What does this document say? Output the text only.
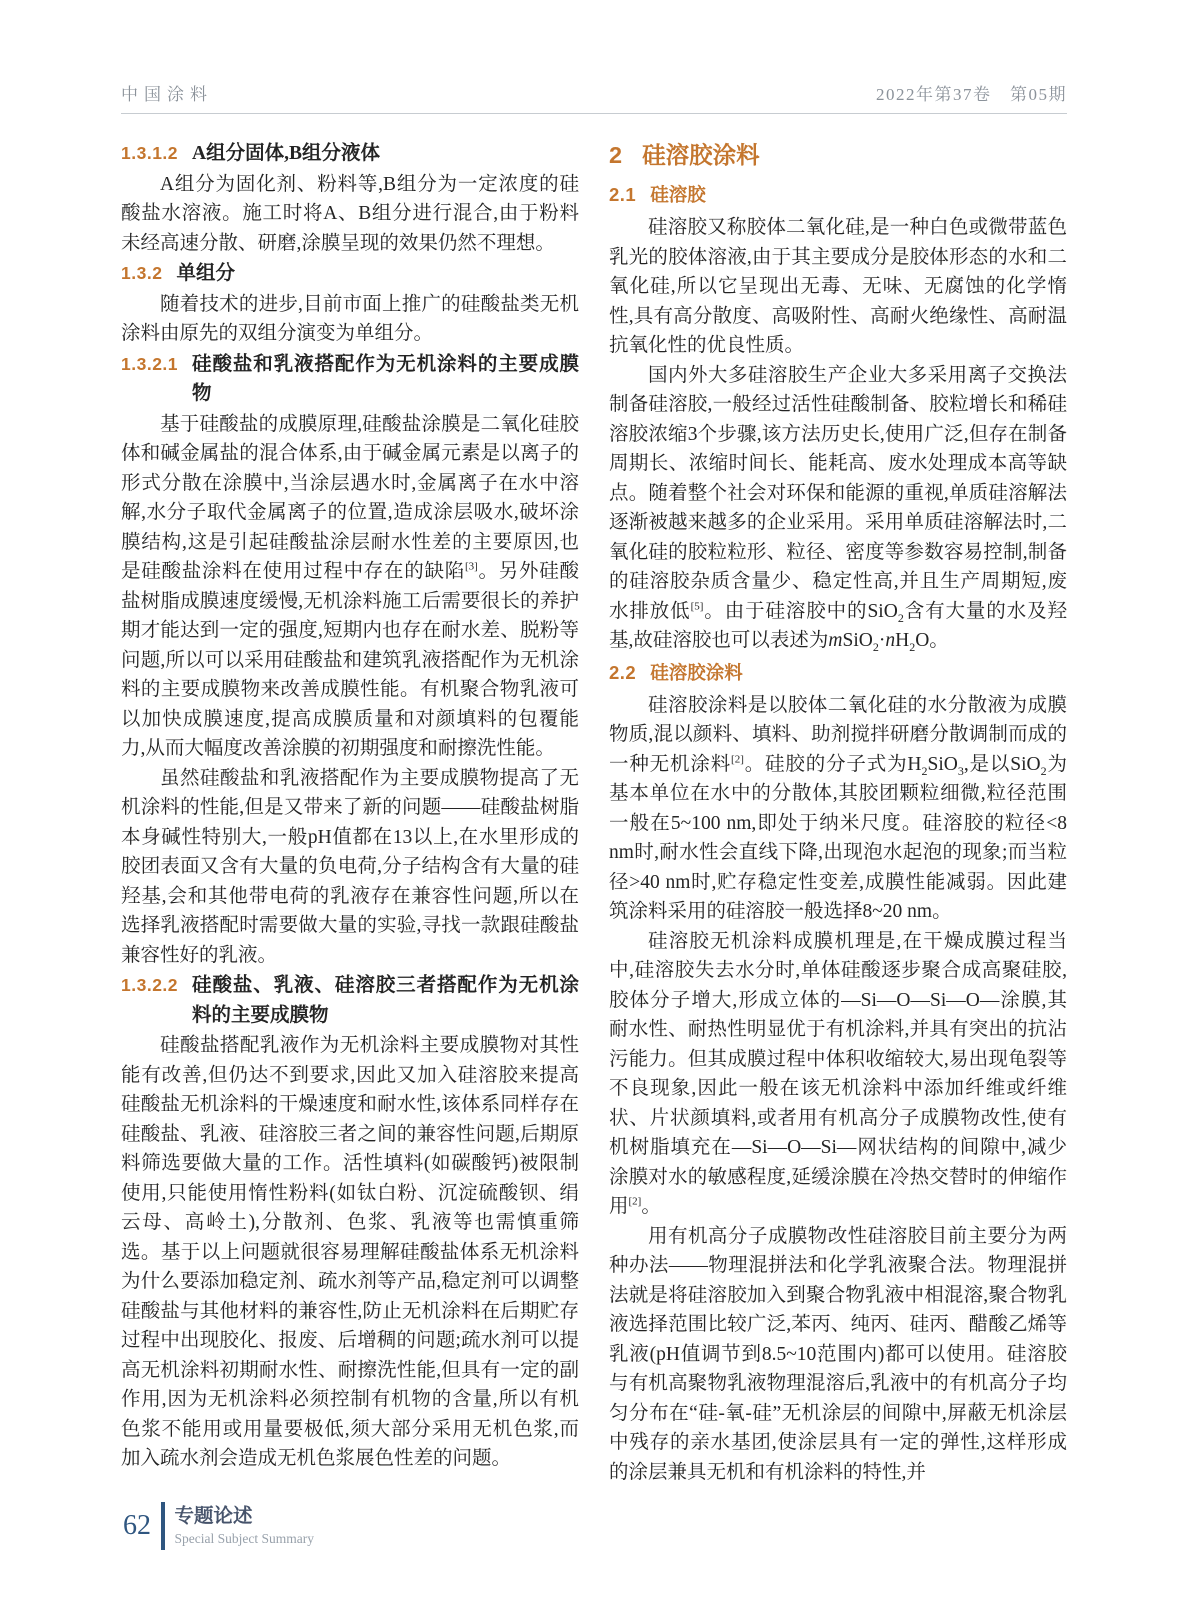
中国涂料	2022年第37卷　第05期
1.3.1.2 A组分固体,B组分液体

A组分为固化剂、粉料等,B组分为一定浓度的硅酸盐水溶液。施工时将A、B组分进行混合,由于粉料未经高速分散、研磨,涂膜呈现的效果仍然不理想。

1.3.2 单组分

随着技术的进步,目前市面上推广的硅酸盐类无机涂料由原先的双组分演变为单组分。

1.3.2.1 硅酸盐和乳液搭配作为无机涂料的主要成膜物

基于硅酸盐的成膜原理,硅酸盐涂膜是二氧化硅胶体和碱金属盐的混合体系,由于碱金属元素是以离子的形式分散在涂膜中,当涂层遇水时,金属离子在水中溶解,水分子取代金属离子的位置,造成涂层吸水,破坏涂膜结构,这是引起硅酸盐涂层耐水性差的主要原因,也是硅酸盐涂料在使用过程中存在的缺陷[3]。另外硅酸盐树脂成膜速度缓慢,无机涂料施工后需要很长的养护期才能达到一定的强度,短期内也存在耐水差、脱粉等问题,所以可以采用硅酸盐和建筑乳液搭配作为无机涂料的主要成膜物来改善成膜性能。有机聚合物乳液可以加快成膜速度,提高成膜质量和对颜填料的包覆能力,从而大幅度改善涂膜的初期强度和耐擦洗性能。

虽然硅酸盐和乳液搭配作为主要成膜物提高了无机涂料的性能,但是又带来了新的问题——硅酸盐树脂本身碱性特别大,一般pH值都在13以上,在水里形成的胶团表面又含有大量的负电荷,分子结构含有大量的硅羟基,会和其他带电荷的乳液存在兼容性问题,所以在选择乳液搭配时需要做大量的实验,寻找一款跟硅酸盐兼容性好的乳液。

1.3.2.2 硅酸盐、乳液、硅溶胶三者搭配作为无机涂料的主要成膜物

硅酸盐搭配乳液作为无机涂料主要成膜物对其性能有改善,但仍达不到要求,因此又加入硅溶胶来提高硅酸盐无机涂料的干燥速度和耐水性,该体系同样存在硅酸盐、乳液、硅溶胶三者之间的兼容性问题,后期原料筛选要做大量的工作。活性填料(如碳酸钙)被限制使用,只能使用惰性粉料(如钛白粉、沉淀硫酸钡、绢云母、高岭土),分散剂、色浆、乳液等也需慎重筛选。基于以上问题就很容易理解硅酸盐体系无机涂料为什么要添加稳定剂、疏水剂等产品,稳定剂可以调整硅酸盐与其他材料的兼容性,防止无机涂料在后期贮存过程中出现胶化、报废、后增稠的问题;疏水剂可以提高无机涂料初期耐水性、耐擦洗性能,但具有一定的副作用,因为无机涂料必须控制有机物的含量,所以有机色浆不能用或用量要极低,须大部分采用无机色浆,而加入疏水剂会造成无机色浆展色性差的问题。

2 硅溶胶涂料
2.1 硅溶胶

硅溶胶又称胶体二氧化硅,是一种白色或微带蓝色乳光的胶体溶液,由于其主要成分是胶体形态的水和二氧化硅,所以它呈现出无毒、无味、无腐蚀的化学惰性,具有高分散度、高吸附性、高耐火绝缘性、高耐温抗氧化性的优良性质。

国内外大多硅溶胶生产企业大多采用离子交换法制备硅溶胶,一般经过活性硅酸制备、胶粒增长和稀硅溶胶浓缩3个步骤,该方法历史长,使用广泛,但存在制备周期长、浓缩时间长、能耗高、废水处理成本高等缺点。随着整个社会对环保和能源的重视,单质硅溶解法逐渐被越来越多的企业采用。采用单质硅溶解法时,二氧化硅的胶粒粒形、粒径、密度等参数容易控制,制备的硅溶胶杂质含量少、稳定性高,并且生产周期短,废水排放低[5]。由于硅溶胶中的SiO$_2$含有大量的水及羟基,故硅溶胶也可以表述为$mSiO_2\cdot nH_2O$。

2.2 硅溶胶涂料

硅溶胶涂料是以胶体二氧化硅的水分散液为成膜物质,混以颜料、填料、助剂搅拌研磨分散调制而成的一种无机涂料[2]。硅胶的分子式为$H_2SiO_3$,是以SiO$_2$为基本单位在水中的分散体,其胶团颗粒细微,粒径范围一般在5~100 nm,即处于纳米尺度。硅溶胶的粒径<8 nm时,耐水性会直线下降,出现泡水起泡的现象;而当粒径>40 nm时,贮存稳定性变差,成膜性能减弱。因此建筑涂料采用的硅溶胶一般选择8~20 nm。

硅溶胶无机涂料成膜机理是,在干燥成膜过程当中,硅溶胶失去水分时,单体硅酸逐步聚合成高聚硅胶,胶体分子增大,形成立体的—Si—O—Si—O—涂膜,其耐水性、耐热性明显优于有机涂料,并具有突出的抗沾污能力。但其成膜过程中体积收缩较大,易出现龟裂等不良现象,因此一般在该无机涂料中添加纤维或纤维状、片状颜填料,或者用有机高分子成膜物改性,使有机树脂填充在—Si—O—Si—网状结构的间隙中,减少涂膜对水的敏感程度,延缓涂膜在冷热交替时的伸缩作用[2]。

用有机高分子成膜物改性硅溶胶目前主要分为两种办法——物理混拼法和化学乳液聚合法。物理混拼法就是将硅溶胶加入到聚合物乳液中相混溶,聚合物乳液选择范围比较广泛,苯丙、纯丙、硅丙、醋酸乙烯等乳液(pH值调节到8.5~10范围内)都可以使用。硅溶胶与有机高聚物乳液物理混溶后,乳液中的有机高分子均匀分布在“硅-氧-硅”无机涂层的间隙中,屏蔽无机涂层中残存的亲水基团,使涂层具有一定的弹性,这样形成的涂层兼具无机和有机涂料的特性,并

62 专题论述
Special Subject Summary
